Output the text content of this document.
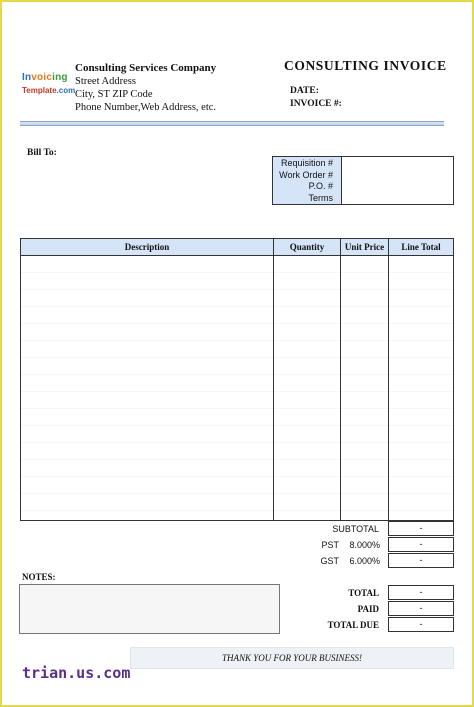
Invoicing
Template.com
Consulting Services Company
Street Address
City, ST ZIP Code
Phone Number,Web Address, etc.
CONSULTING INVOICE
DATE:
INVOICE #:
Bill To:
Requisition #
Work Order #
P.O. #
Terms
Description	Quantity	Unit Price	Line Total
SUBTOTAL	-
PST	8.000%	-
GST	6.000%	-
NOTES:
TOTAL	-
PAID	-
TOTAL DUE	-
THANK YOU FOR YOUR BUSINESS!
trian.us.com
